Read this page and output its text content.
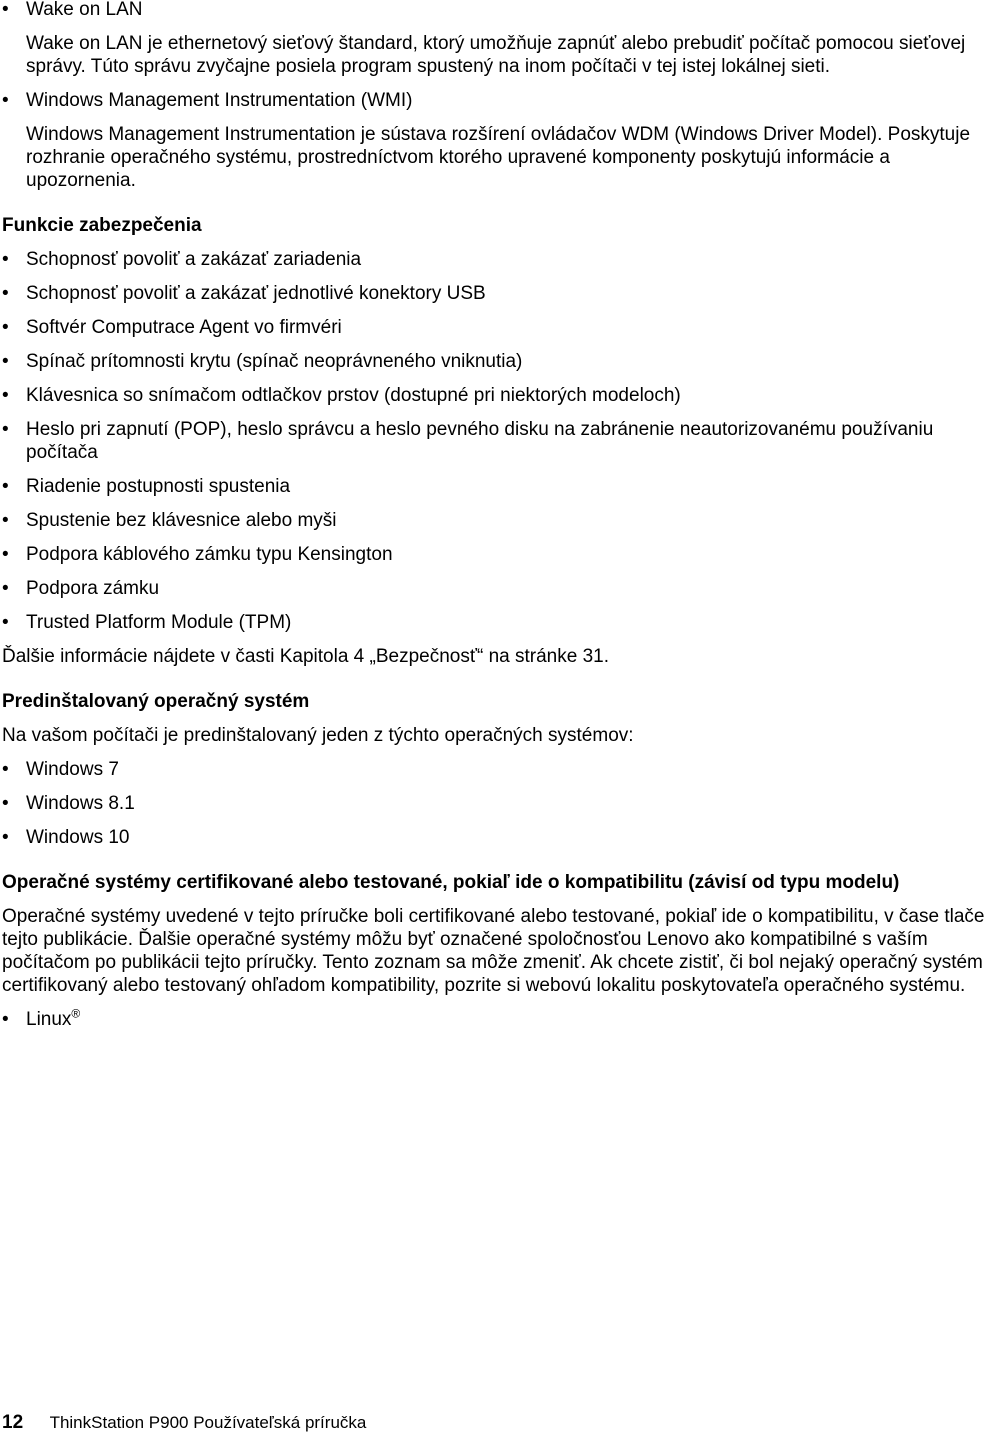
• Wake on LAN
Wake on LAN je ethernetový sieťový štandard, ktorý umožňuje zapnúť alebo prebudiť počítač pomocou sieťovej správy. Túto správu zvyčajne posiela program spustený na inom počítači v tej istej lokálnej sieti.
• Windows Management Instrumentation (WMI)
Windows Management Instrumentation je sústava rozšírení ovládačov WDM (Windows Driver Model). Poskytuje rozhranie operačného systému, prostredníctvom ktorého upravené komponenty poskytujú informácie a upozornenia.
Funkcie zabezpečenia
• Schopnosť povoliť a zakázať zariadenia
• Schopnosť povoliť a zakázať jednotlivé konektory USB
• Softvér Computrace Agent vo firmvéri
• Spínač prítomnosti krytu (spínač neoprávneného vniknutia)
• Klávesnica so snímačom odtlačkov prstov (dostupné pri niektorých modeloch)
• Heslo pri zapnutí (POP), heslo správcu a heslo pevného disku na zabránenie neautorizovanému používaniu počítača
• Riadenie postupnosti spustenia
• Spustenie bez klávesnice alebo myši
• Podpora káblového zámku typu Kensington
• Podpora zámku
• Trusted Platform Module (TPM)
Ďalšie informácie nájdete v časti Kapitola 4 „Bezpečnosť“ na stránke 31.
Predinštalovaný operačný systém
Na vašom počítači je predinštalovaný jeden z týchto operačných systémov:
• Windows 7
• Windows 8.1
• Windows 10
Operačné systémy certifikované alebo testované, pokiaľ ide o kompatibilitu (závisí od typu modelu)
Operačné systémy uvedené v tejto príručke boli certifikované alebo testované, pokiaľ ide o kompatibilitu, v čase tlače tejto publikácie. Ďalšie operačné systémy môžu byť označené spoločnosťou Lenovo ako kompatibilné s vaším počítačom po publikácii tejto príručky. Tento zoznam sa môže zmeniť. Ak chcete zistiť, či bol nejaký operačný systém certifikovaný alebo testovaný ohľadom kompatibility, pozrite si webovú lokalitu poskytovateľa operačného systému.
• Linux®
12 ThinkStation P900 Používateľská príručka
